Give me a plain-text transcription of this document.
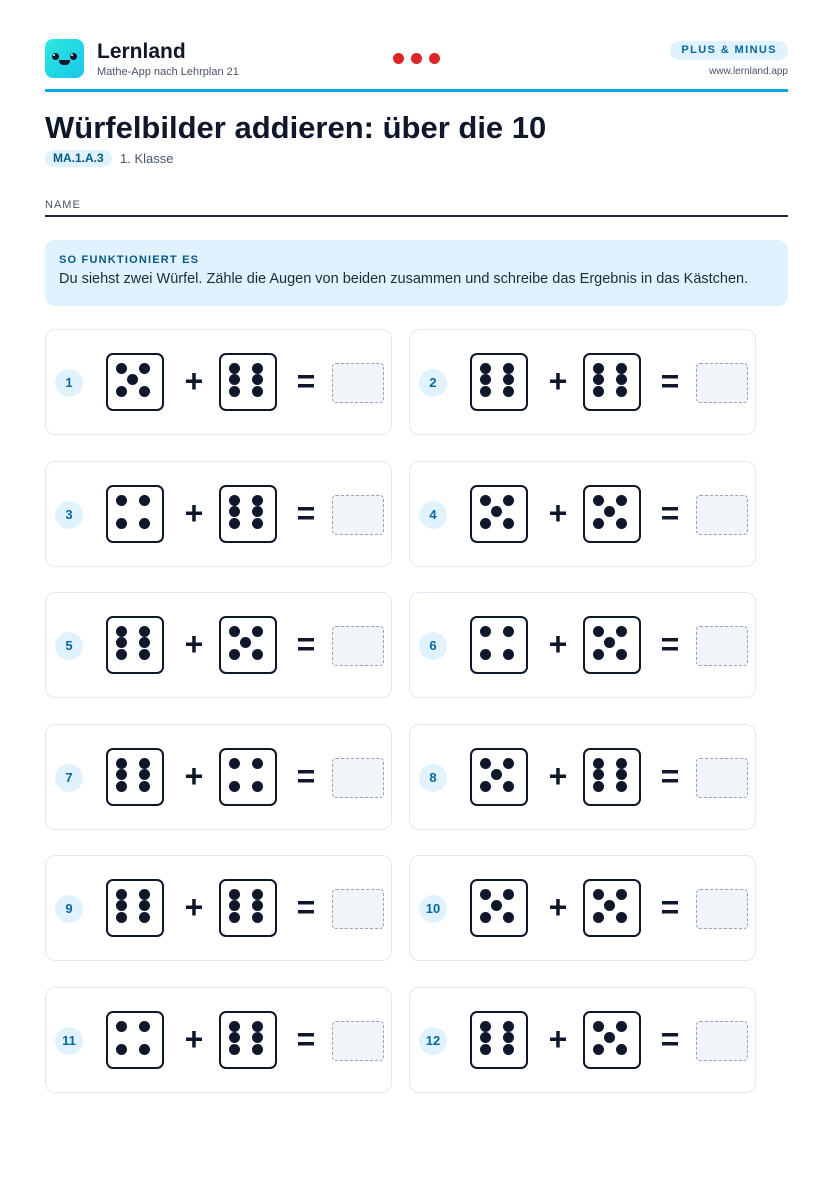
Lernland
Mathe-App nach Lehrplan 21
PLUS & MINUS
www.lernland.app
Würfelbilder addieren: über die 10
MA.1.A.3	1. Klasse
NAME
SO FUNKTIONIERT ES
Du siehst zwei Würfel. Zähle die Augen von beiden zusammen und schreibe das Ergebnis in das Kästchen.
1	+	=	2	+	=
3	+	=	4	+	=
5	+	=	6	+	=
7	+	=	8	+	=
9	+	=	10	+	=
11	+	=	12	+	=
